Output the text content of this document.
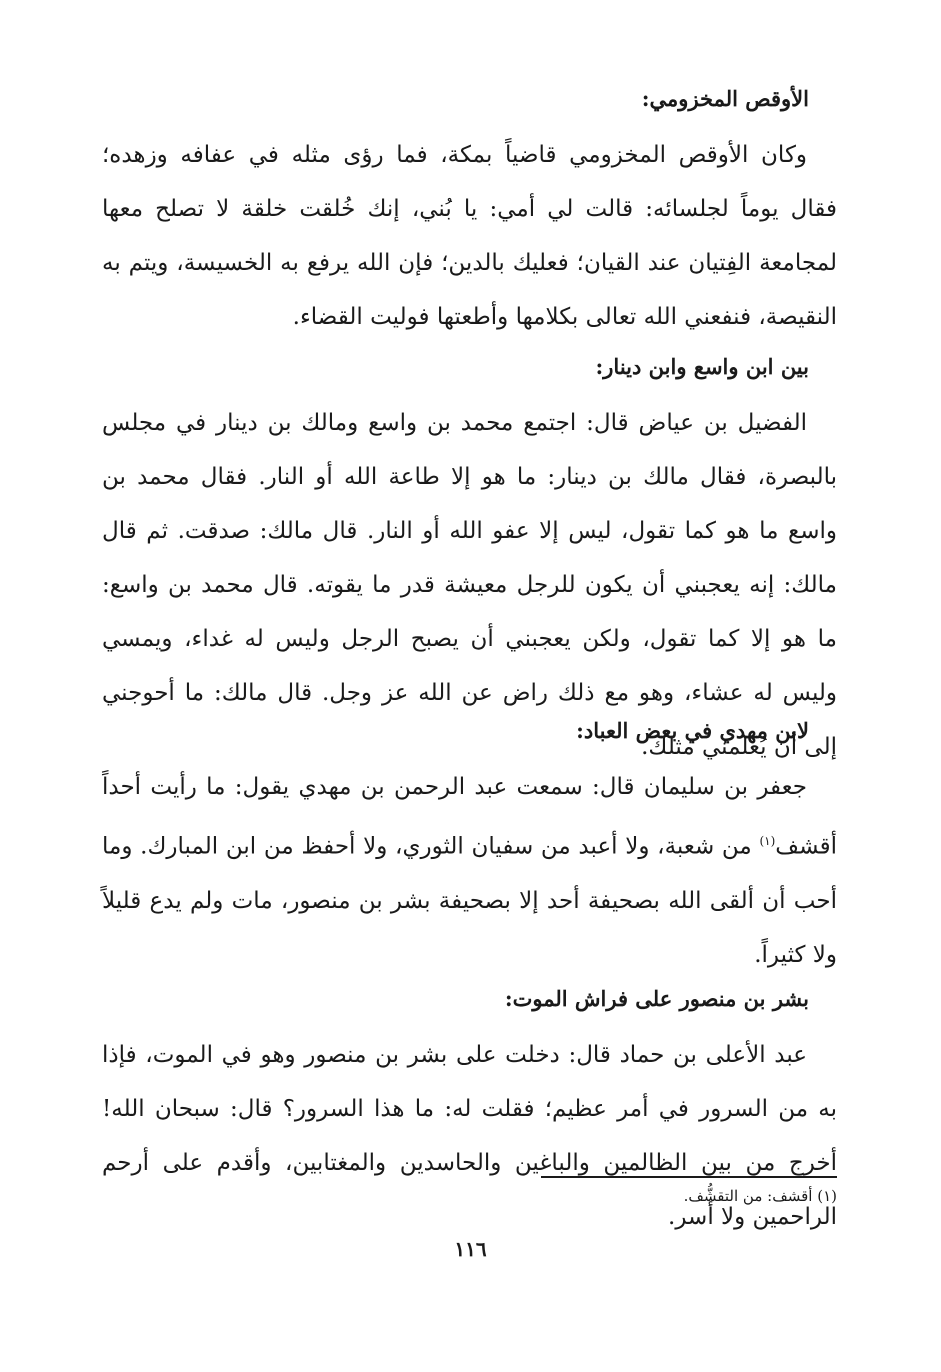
الأوقص المخزومي:

وكان الأوقص المخزومي قاضياً بمكة، فما رؤى مثله في عفافه وزهده؛ فقال يوماً لجلسائه: قالت لي أمي: يا بُني، إنك خُلقت خلقة لا تصلح معها لمجامعة الفِتيان عند القيان؛ فعليك بالدين؛ فإن الله يرفع به الخسيسة، ويتم به النقيصة، فنفعني الله تعالى بكلامها وأطعتها فوليت القضاء.

بين ابن واسع وابن دينار:

الفضيل بن عياض قال: اجتمع محمد بن واسع ومالك بن دينار في مجلس بالبصرة، فقال مالك بن دينار: ما هو إلا طاعة الله أو النار. فقال محمد بن واسع ما هو كما تقول، ليس إلا عفو الله أو النار. قال مالك: صدقت. ثم قال مالك: إنه يعجبني أن يكون للرجل معيشة قدر ما يقوته. قال محمد بن واسع: ما هو إلا كما تقول، ولكن يعجبني أن يصبح الرجل وليس له غداء، ويمسي وليس له عشاء، وهو مع ذلك راض عن الله عز وجل. قال مالك: ما أحوجني إلى أن يُعلمني مثلك.

لابن مهدي في بعض العباد:

جعفر بن سليمان قال: سمعت عبد الرحمن بن مهدي يقول: ما رأيت أحداً أقشف$^{(١)}$ من شعبة، ولا أعبد من سفيان الثوري، ولا أحفظ من ابن المبارك. وما أحب أن ألقى الله بصحيفة أحد إلا بصحيفة بشر بن منصور، مات ولم يدع قليلاً ولا كثيراً.

بشر بن منصور على فراش الموت:

عبد الأعلى بن حماد قال: دخلت على بشر بن منصور وهو في الموت، فإذا به من السرور في أمر عظيم؛ فقلت له: ما هذا السرور؟ قال: سبحان الله! أخرج من بين الظالمين والباغين والحاسدين والمغتابين، وأقدم على أرحم الراحمين ولا أسر.

(١) أقشف: من التقشُّف.
١١٦
